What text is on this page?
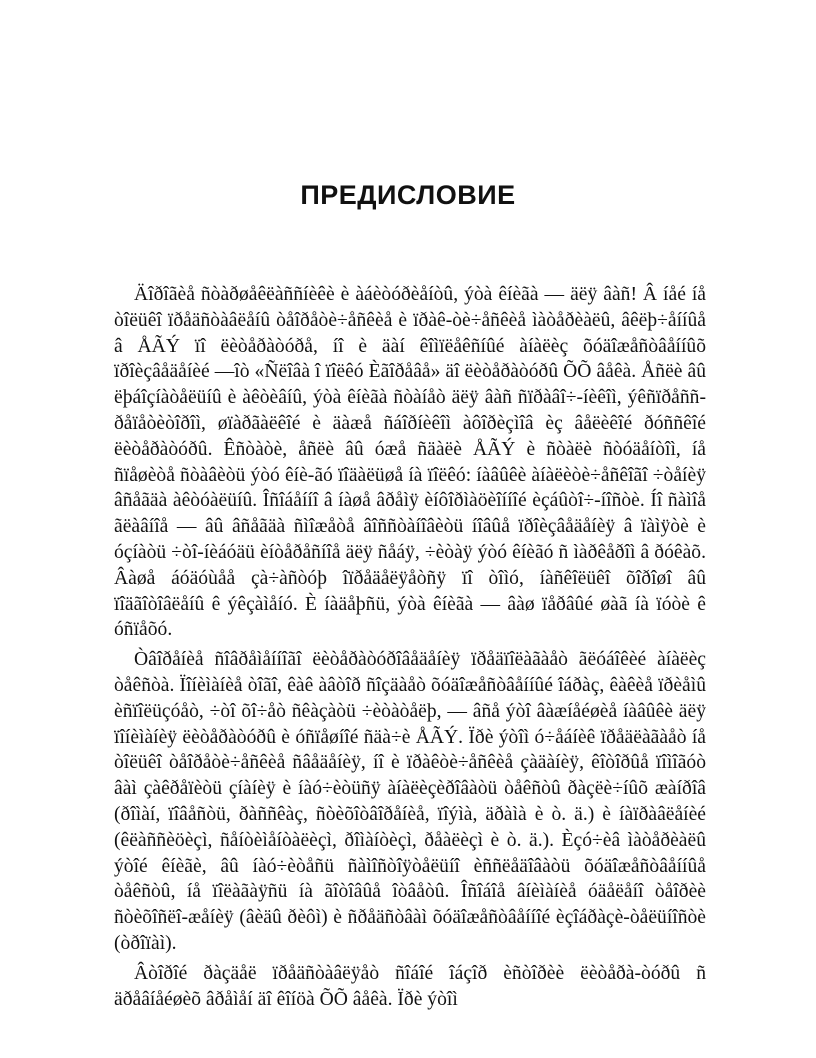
ПРЕДИСЛОВИЕ

Äîðîãèå ñòàðøåêëàññíèêè è àáèòóðèåíòû, ýòà êíèãà — äëÿ âàñ! Â íåé íå òîëüêî ïðåäñòàâëåíû òåîðåòè÷åñêèå è ïðàê-òè÷åñêèå ìàòåðèàëû, âêëþ÷åííûå â ÅÃÝ ïî ëèòåðàòóðå, íî è äàí êîìïëåêñíûé àíàëèç õóäîæåñòâåííûõ ïðîèçâåäåíèé —îò «Ñëîâà î ïîëêó Èãîðåâå» äî ëèòåðàòóðû ÕÕ âåêà. Åñëè âû ëþáîçíàòåëüíû è àêòèâíû, ýòà êíèãà ñòàíåò äëÿ âàñ ñïðàâî÷-íèêîì, ýêñïðåññ-ðåïåòèòîðîì, øïàðãàëêîé è äàæå ñáîðíèêîì àôîðèçìîâ èç âåëèêîé ðóññêîé ëèòåðàòóðû. Êñòàòè, åñëè âû óæå ñäàëè ÅÃÝ è ñòàëè ñòóäåíòîì, íå ñïåøèòå ñòàâèòü ýòó êíè-ãó ïîäàëüøå íà ïîëêó: íàâûêè àíàëèòè÷åñêîãî ÷òåíèÿ âñåãäà àêòóàëüíû. Îñîáåííî â íàøå âðåìÿ èíôîðìàöèîííîé èçáûòî÷-íîñòè. Íî ñàìîå ãëàâíîå — âû âñåãäà ñìîæåòå âîññòàíîâèòü íîâûå ïðîèçâåäåíèÿ â ïàìÿòè è óçíàòü ÷òî-íèáóäü èíòåðåñíîå äëÿ ñåáÿ, ÷èòàÿ ýòó êíèãó ñ ìàðêåðîì â ðóêàõ. Âàøå áóäóùåå çà÷àñòóþ îïðåäåëÿåòñÿ ïî òîìó, íàñêîëüêî õîðîøî âû ïîäãîòîâëåíû ê ýêçàìåíó. È íàäåþñü, ýòà êíèãà — âàø ïåðâûé øàã íà ïóòè ê óñïåõó.

Òâîðåíèå ñîâðåìåííîãî ëèòåðàòóðîâåäåíèÿ ïðåäïîëàãàåò ãëóáîêèé àíàëèç òåêñòà. Ïîíèìàíèå òîãî, êàê àâòîð ñîçäàåò õóäîæåñòâåííûé îáðàç, êàêèå ïðèåìû èñïîëüçóåò, ÷òî õî÷åò ñêàçàòü ÷èòàòåëþ, — âñå ýòî âàæíåéøèå íàâûêè äëÿ ïîíèìàíèÿ ëèòåðàòóðû è óñïåøíîé ñäà÷è ÅÃÝ. Ïðè ýòîì ó÷åáíèê ïðåäëàãàåò íå òîëüêî òåîðåòè÷åñêèå ñâåäåíèÿ, íî è ïðàêòè÷åñêèå çàäàíèÿ, êîòîðûå ïîìîãóò âàì çàêðåïèòü çíàíèÿ è íàó÷èòüñÿ àíàëèçèðîâàòü òåêñòû ðàçëè÷íûõ æàíðîâ (ðîìàí, ïîâåñòü, ðàññêàç, ñòèõîòâîðåíèå, ïîýìà, äðàìà è ò. ä.) è íàïðàâëåíèé (êëàññèöèçì, ñåíòèìåíòàëèçì, ðîìàíòèçì, ðåàëèçì è ò. ä.). Èçó÷èâ ìàòåðèàëû ýòîé êíèãè, âû íàó÷èòåñü ñàìîñòîÿòåëüíî èññëåäîâàòü õóäîæåñòâåííûå òåêñòû, íå ïîëàãàÿñü íà ãîòîâûå îòâåòû. Îñîáîå âíèìàíèå óäåëåíî òåîðèè ñòèõîñëî-æåíèÿ (âèäû ðèôì) è ñðåäñòâàì õóäîæåñòâåííîé èçîáðàçè-òåëüíîñòè (òðîïàì).

Âòîðîé ðàçäåë ïðåäñòàâëÿåò ñîáîé îáçîð èñòîðèè ëèòåðà-òóðû ñ äðåâíåéøèõ âðåìåí äî êîíöà ÕÕ âåêà. Ïðè ýòîì
